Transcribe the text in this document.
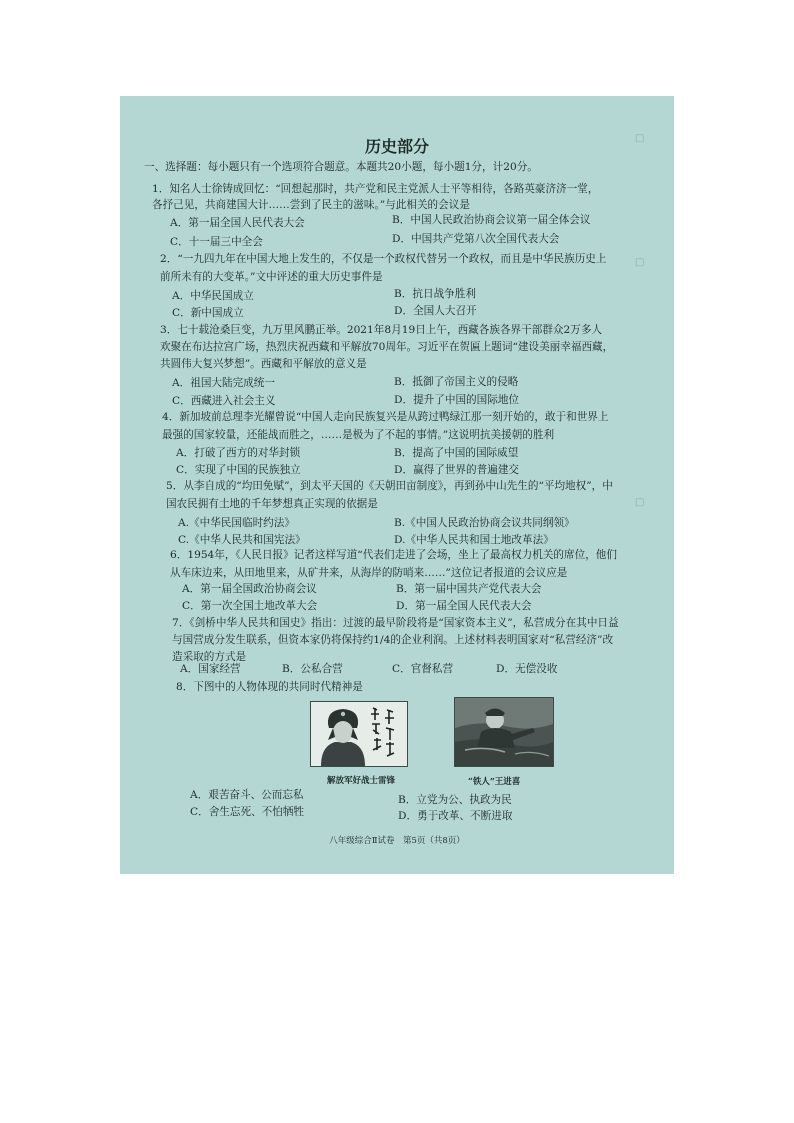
□
□
□
历史部分
一、选择题：每小题只有一个选项符合题意。本题共20小题，每小题1分，计20分。
1．知名人士徐铸成回忆：“回想起那时，共产党和民主党派人士平等相待，各路英豪济济一堂，
各抒己见，共商建国大计……尝到了民主的滋味。”与此相关的会议是
A．第一届全国人民代表大会	B．中国人民政治协商会议第一届全体会议
C．十一届三中全会	D．中国共产党第八次全国代表大会
2．“一九四九年在中国大地上发生的，不仅是一个政权代替另一个政权，而且是中华民族历史上
前所未有的大变革。”文中评述的重大历史事件是
A．中华民国成立	B．抗日战争胜利
C．新中国成立	D．全国人大召开
3．七十载沧桑巨变，九万里风鹏正举。2021年8月19日上午，西藏各族各界干部群众2万多人
欢聚在布达拉宫广场，热烈庆祝西藏和平解放70周年。习近平在贺匾上题词“建设美丽幸福西藏，
共圆伟大复兴梦想”。西藏和平解放的意义是
A．祖国大陆完成统一	B．抵御了帝国主义的侵略
C．西藏进入社会主义	D．提升了中国的国际地位
4．新加坡前总理李光耀曾说“中国人走向民族复兴是从跨过鸭绿江那一刻开始的，敢于和世界上
最强的国家较量，还能战而胜之，……是极为了不起的事情。”这说明抗美援朝的胜利
A．打破了西方的对华封锁	B．提高了中国的国际威望
C．实现了中国的民族独立	D．赢得了世界的普遍建交
5．从李自成的“均田免赋”，到太平天国的《天朝田亩制度》，再到孙中山先生的“平均地权”，中
国农民拥有土地的千年梦想真正实现的依据是
A.《中华民国临时约法》	B.《中国人民政治协商会议共同纲领》
C.《中华人民共和国宪法》	D.《中华人民共和国土地改革法》
6．1954年，《人民日报》记者这样写道“代表们走进了会场，坐上了最高权力机关的席位，他们
从车床边来，从田地里来，从矿井来，从海岸的防哨来……”这位记者报道的会议应是
A．第一届全国政治协商会议	B．第一届中国共产党代表大会
C．第一次全国土地改革大会	D．第一届全国人民代表大会
7．《剑桥中华人民共和国史》指出：过渡的最早阶段将是“国家资本主义”，私营成分在其中日益
与国营成分发生联系，但资本家仍将保持约1/4的企业利润。上述材料表明国家对“私营经济”改
造采取的方式是
A．国家经营	B．公私合营	C．官督私营	D．无偿没收
8．下图中的人物体现的共同时代精神是
解放军好战士雷锋	“铁人”王进喜
A．艰苦奋斗、公而忘私	B．立党为公、执政为民
C．舍生忘死、不怕牺牲	D．勇于改革、不断进取
八年级综合Ⅱ试卷　第5页（共8页）
